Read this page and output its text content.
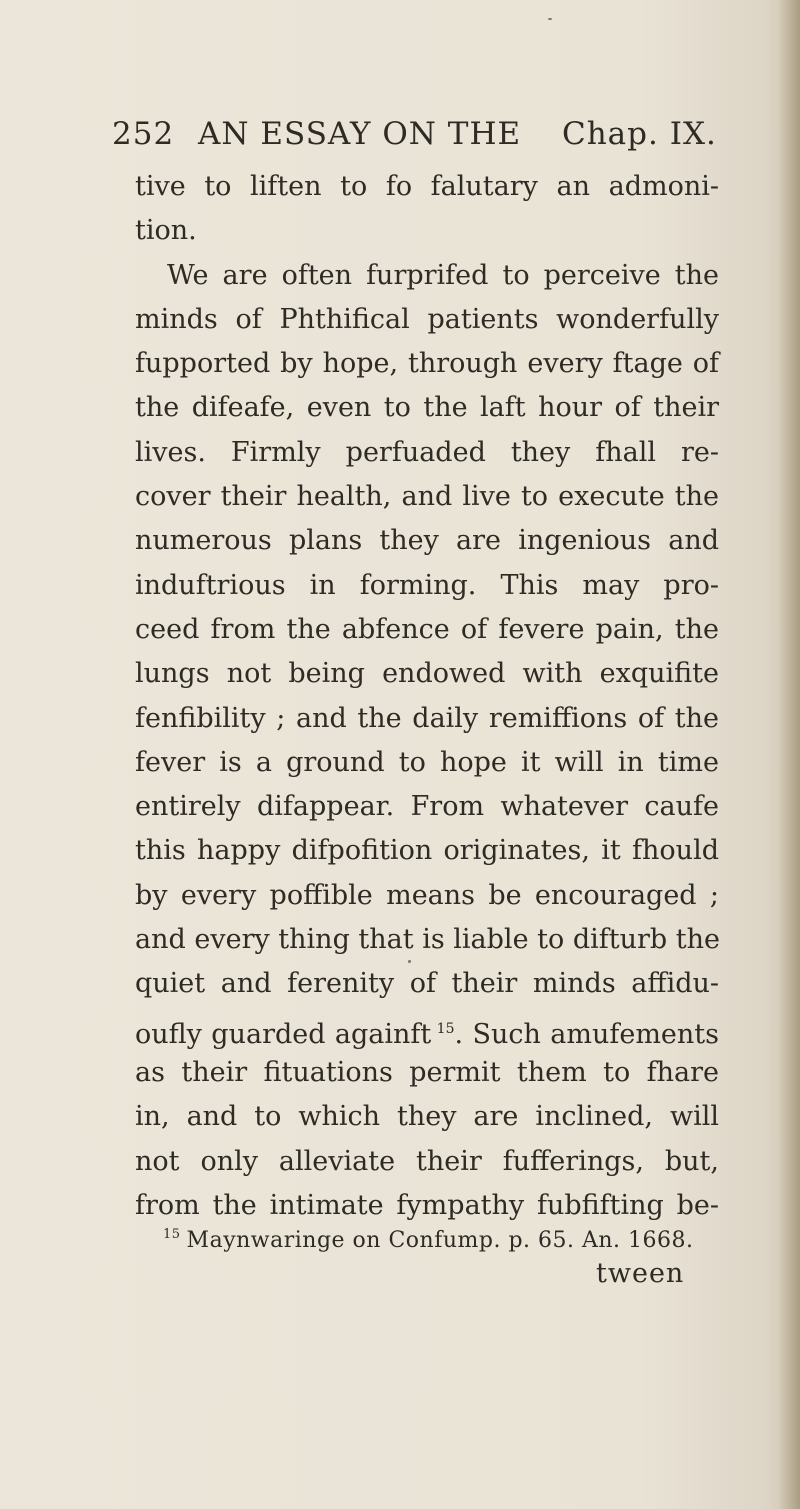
252 AN ESSAY ON THE Chap. IX.
tive to liften to fo falutary an admoni-
tion.
We are often furprifed to perceive the
minds of Phthifical patients wonderfully
fupported by hope, through every ftage of
the difeafe, even to the laft hour of their
lives. Firmly perfuaded they fhall re-
cover their health, and live to execute the
numerous plans they are ingenious and
induftrious in forming. This may pro-
ceed from the abfence of fevere pain, the
lungs not being endowed with exquifite
fenfibility ; and the daily remiffions of the
fever is a ground to hope it will in time
entirely difappear. From whatever caufe
this happy difpofition originates, it fhould
by every poffible means be encouraged ;
and every thing that is liable to difturb the
quiet and ferenity of their minds affidu-
oufly guarded againft  $^{15}$. Such amufements
as their fituations permit them to fhare
in, and to which they are inclined, will
not only alleviate their fufferings, but,
from the intimate fympathy fubfifting be-
$^{15}$ Maynwaringe on Confump. p. 65. An. 1668.
tween
